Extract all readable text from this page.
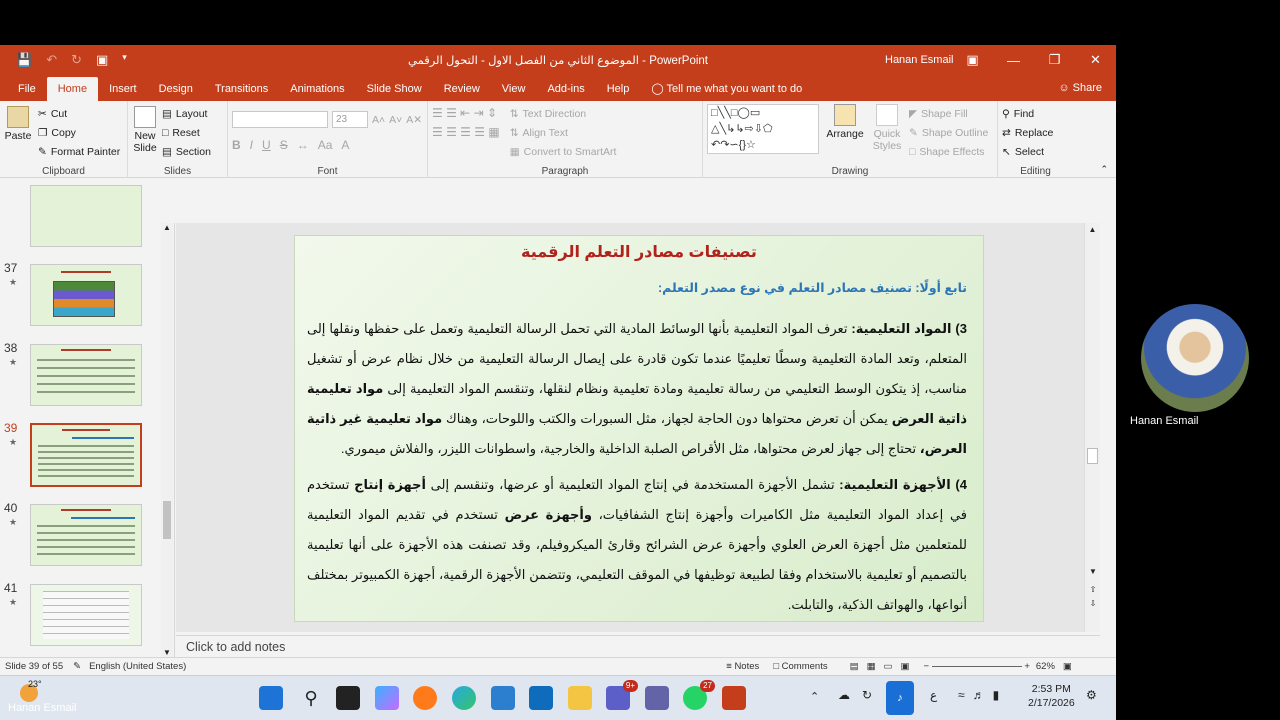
💾 ↶ ↻ ▣ ▾	الموضوع الثاني من الفصل الاول - التحول الرقمي - PowerPoint	Hanan Esmail ▣	—	❐	✕
File	Home	Insert	Design	Transitions	Animations	Slide Show	Review	View	Add-ins	Help	◯ Tell me what you want to do	☺ Share
Paste
✂ Cut
❐ Copy
✎ Format Painter
Clipboard
New
Slide
▤ Layout
□ Reset
▤ Section
Slides
23	A˄ A˅ A✕
B I U S ↔ Aa A
Font
☰ ☰ ⇤ ⇥ ⇕
☰ ☰ ☰ ☰ ▦
⇅ Text Direction
⇅ Align Text
▦ Convert to SmartArt
Paragraph
□╲╲□◯▭
△╲↳↳⇨⇩⬠
↶↷∽{}☆
Arrange Quick
Styles
◤ Shape Fill
✎ Shape Outline
□ Shape Effects
Drawing
⚲ Find
⇄ Replace
↖ Select
Editing	⌃
37
★
38
★
39
★
40
★
41
★
▲
▼
تصنيفات مصادر التعلم الرقمية
تابع أولًا: تصنيف مصادر التعلم في نوع مصدر التعلم:
3) المواد التعليمية: تعرف المواد التعليمية بأنها الوسائط المادية التي تحمل الرسالة التعليمية وتعمل على حفظها ونقلها إلى المتعلم، وتعد المادة التعليمية وسطًا تعليميًا عندما تكون قادرة على إيصال الرسالة التعليمية من خلال نظام عرض أو تشغيل مناسب، إذ يتكون الوسط التعليمي من رسالة تعليمية ومادة تعليمية ونظام لنقلها، وتنقسم المواد التعليمية إلى مواد تعليمية ذاتية العرض يمكن أن تعرض محتواها دون الحاجة لجهاز، مثل السبورات والكتب واللوحات، وهناك مواد تعليمية غير ذاتية العرض، تحتاج إلى جهاز لعرض محتواها، مثل الأقراص الصلبة الداخلية والخارجية، واسطوانات الليزر، والفلاش ميموري.
4) الأجهزة التعليمية: تشمل الأجهزة المستخدمة في إنتاج المواد التعليمية أو عرضها، وتنقسم إلى أجهزة إنتاج تستخدم في إعداد المواد التعليمية مثل الكاميرات وأجهزة إنتاج الشفافيات، وأجهزة عرض تستخدم في تقديم المواد التعليمية للمتعلمين مثل أجهزة العرض العلوي وأجهزة عرض الشرائح وقارئ الميكروفيلم، وقد تصنفت هذه الأجهزة على أنها تعليمية بالتصميم أو تعليمية بالاستخدام وفقا لطبيعة توظيفها في الموقف التعليمي، وتتضمن الأجهزة الرقمية، أجهزة الكمبيوتر بمختلف أنواعها، والهواتف الذكية، والتابلت.
▲
▼
⇧
⇩
Click to add notes
Slide 39 of 55 ✎ English (United States)	≡ Notes □ Comments ▤▦▭▣ −	+ 62% ▣
23°
⚲
9+	27
⌃ ☁↻	♪	ع ≈♬▮	2:53 PM
2/17/2026
⚙
Hanan Esmail
Hanan Esmail
